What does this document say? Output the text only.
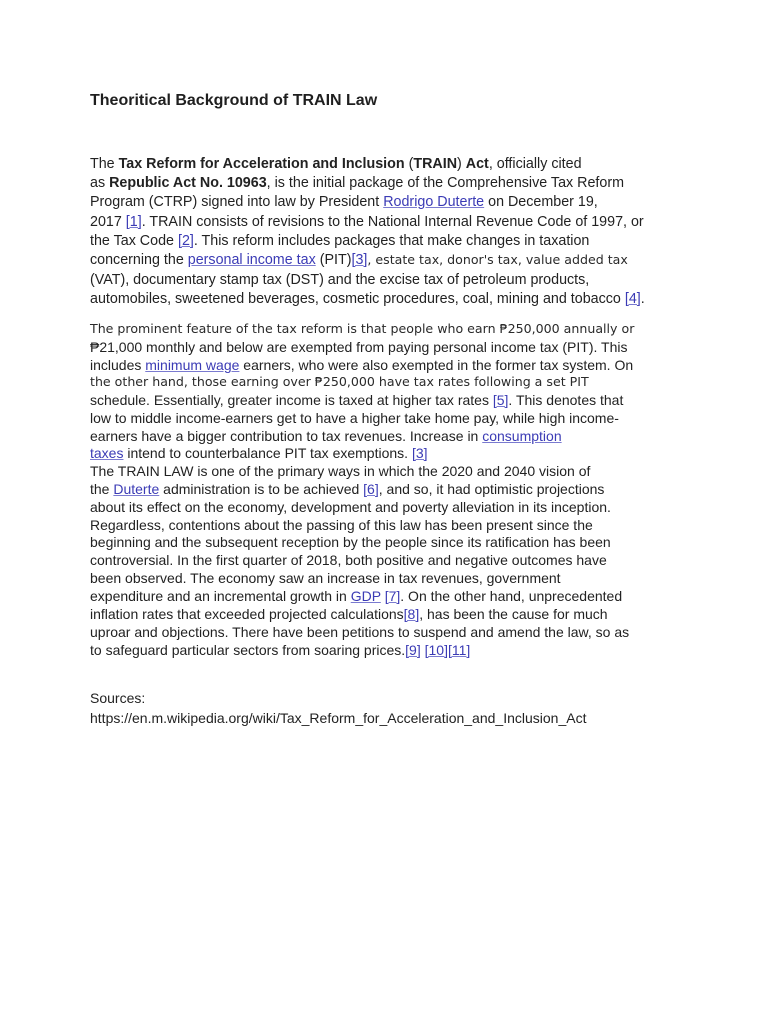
Theoritical Background of TRAIN Law
The Tax Reform for Acceleration and Inclusion (TRAIN) Act, officially cited
as Republic Act No. 10963, is the initial package of the Comprehensive Tax Reform
Program (CTRP) signed into law by President Rodrigo Duterte on December 19,
2017 [1]. TRAIN consists of revisions to the National Internal Revenue Code of 1997, or
the Tax Code [2]. This reform includes packages that make changes in taxation
concerning the personal income tax (PIT)[3], estate tax, donor's tax, value added tax
(VAT), documentary stamp tax (DST) and the excise tax of petroleum products,
automobiles, sweetened beverages, cosmetic procedures, coal, mining and tobacco [4].
The prominent feature of the tax reform is that people who earn ₱250,000 annually or
₱21,000 monthly and below are exempted from paying personal income tax (PIT). This
includes minimum wage earners, who were also exempted in the former tax system. On
the other hand, those earning over ₱250,000 have tax rates following a set PIT
schedule. Essentially, greater income is taxed at higher tax rates [5]. This denotes that
low to middle income-earners get to have a higher take home pay, while high income-
earners have a bigger contribution to tax revenues. Increase in consumption
taxes intend to counterbalance PIT tax exemptions. [3]
The TRAIN LAW is one of the primary ways in which the 2020 and 2040 vision of
the Duterte administration is to be achieved [6], and so, it had optimistic projections
about its effect on the economy, development and poverty alleviation in its inception.
Regardless, contentions about the passing of this law has been present since the
beginning and the subsequent reception by the people since its ratification has been
controversial. In the first quarter of 2018, both positive and negative outcomes have
been observed. The economy saw an increase in tax revenues, government
expenditure and an incremental growth in GDP [7]. On the other hand, unprecedented
inflation rates that exceeded projected calculations[8], has been the cause for much
uproar and objections. There have been petitions to suspend and amend the law, so as
to safeguard particular sectors from soaring prices.[9] [10][11]
Sources:
https://en.m.wikipedia.org/wiki/Tax_Reform_for_Acceleration_and_Inclusion_Act
